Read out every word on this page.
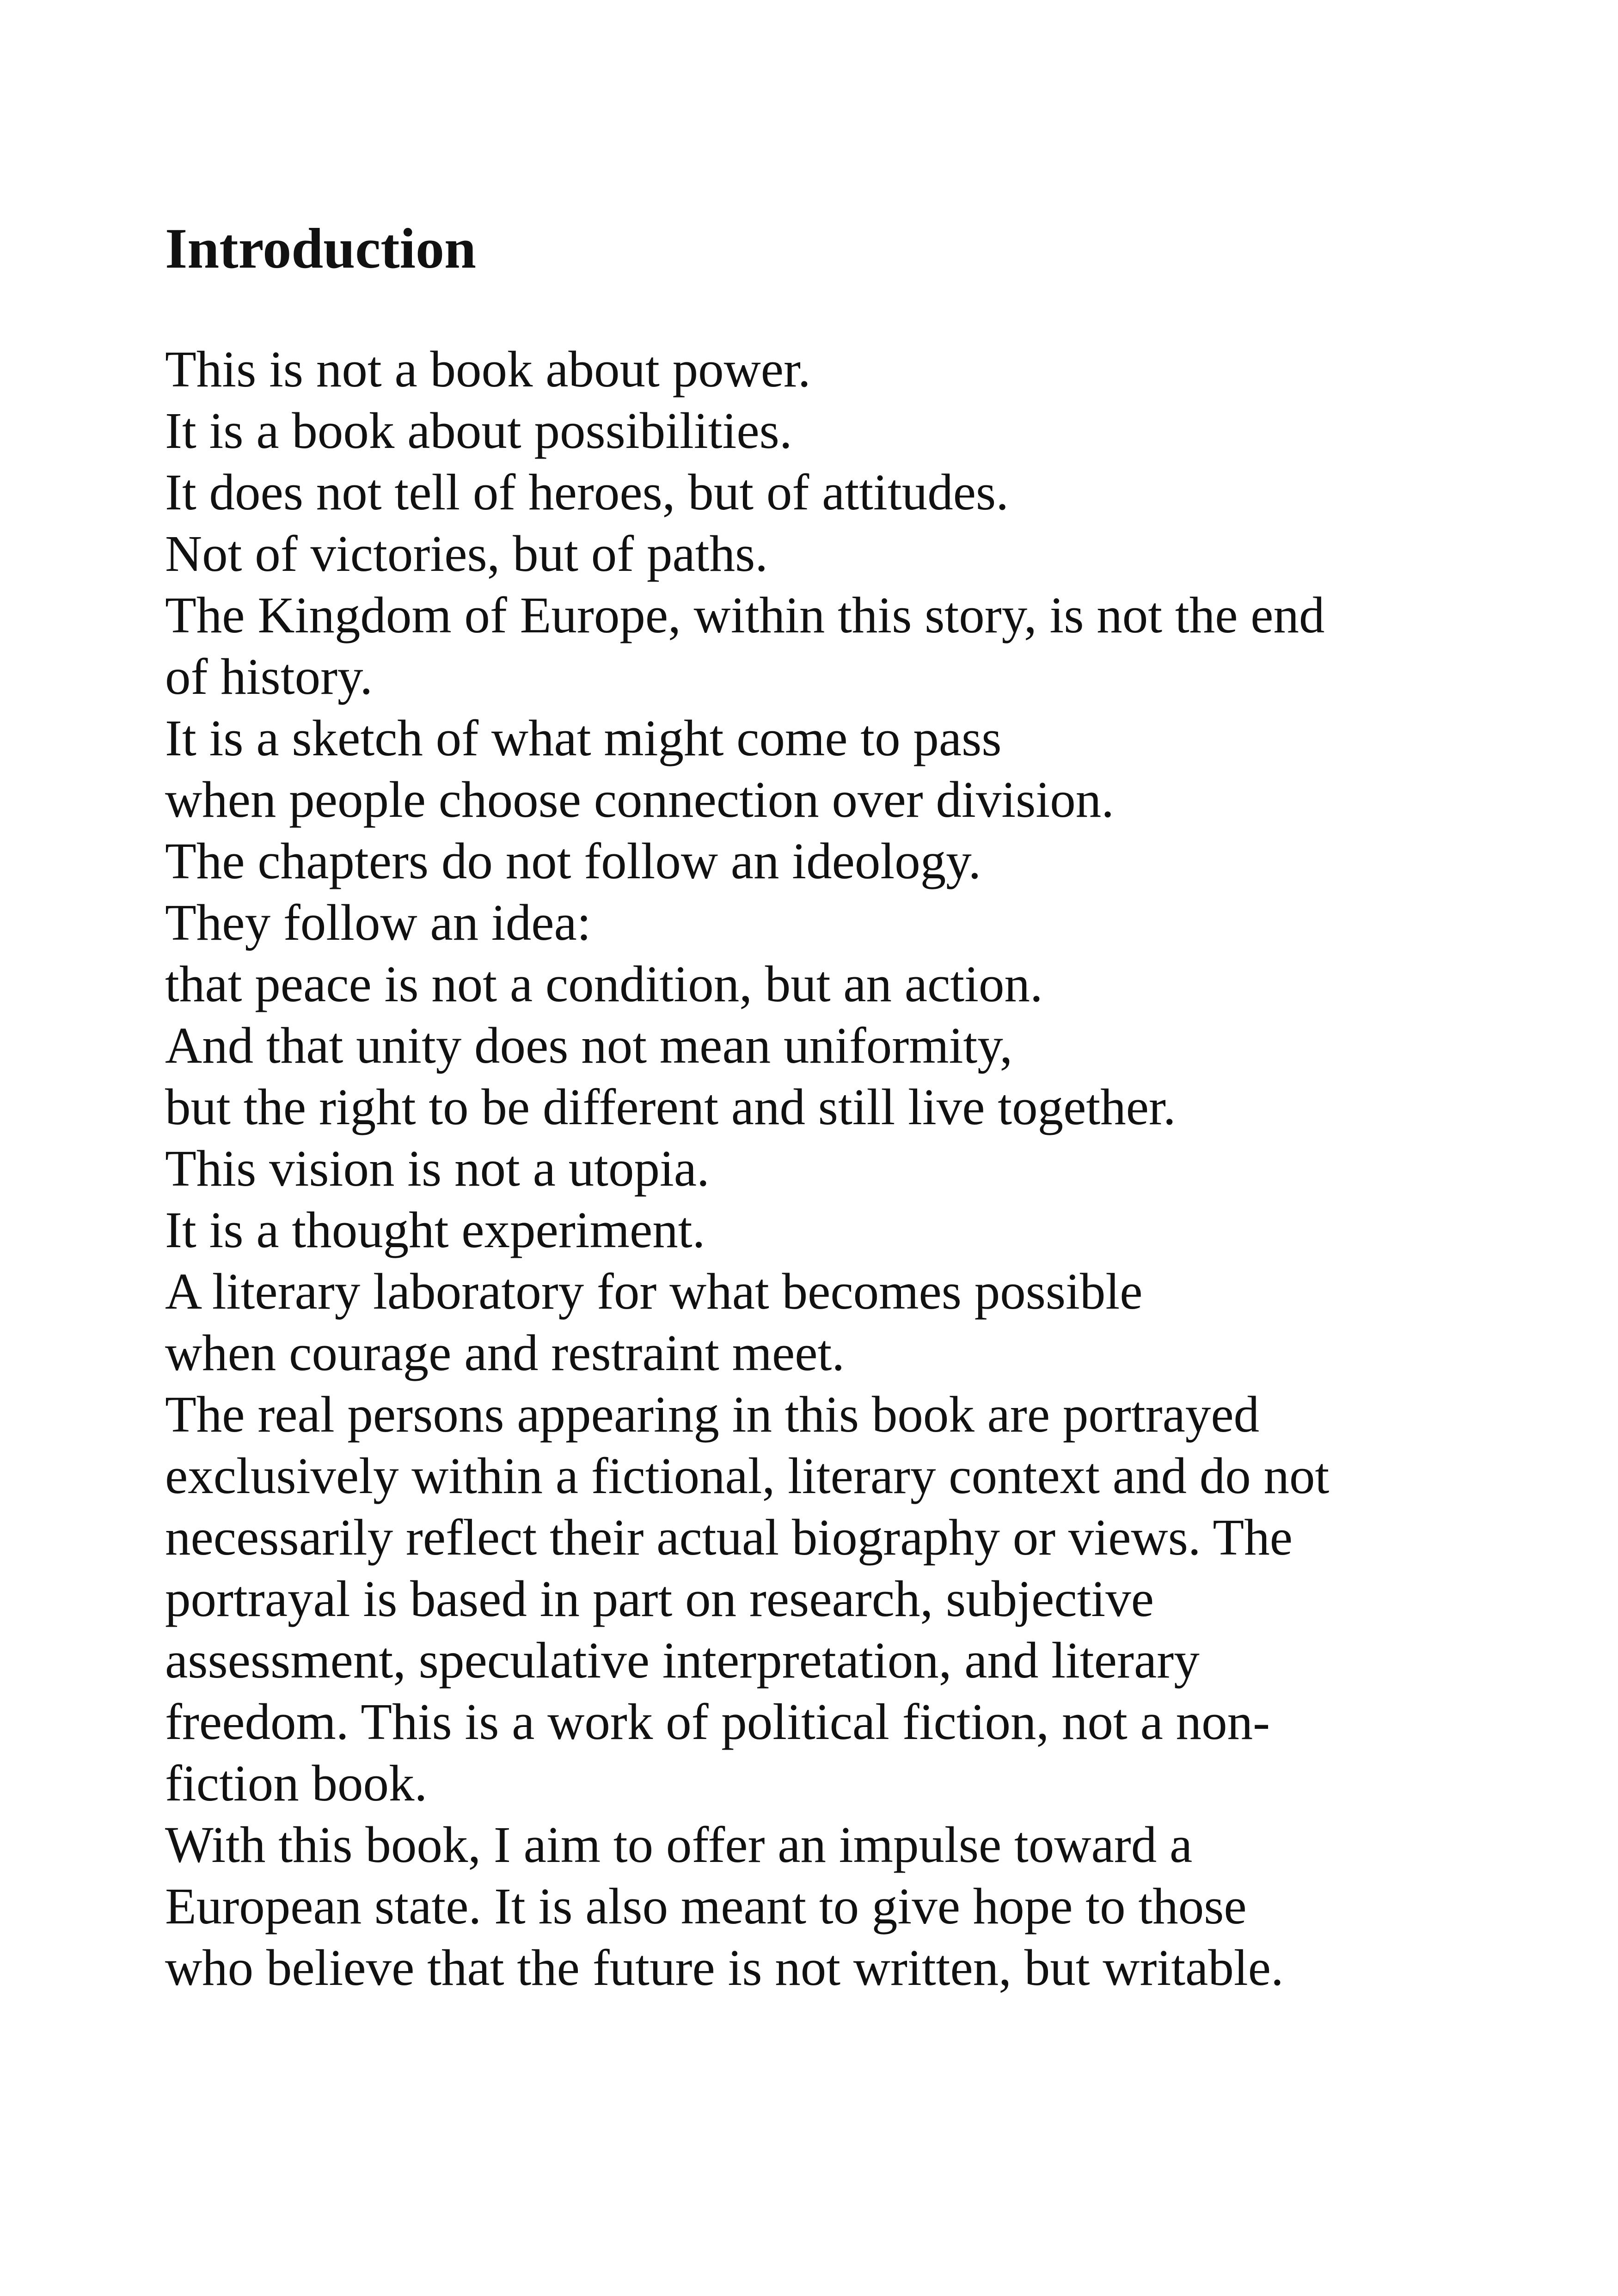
Introduction
This is not a book about power.
It is a book about possibilities.
It does not tell of heroes, but of attitudes.
Not of victories, but of paths.
The Kingdom of Europe, within this story, is not the end
of history.
It is a sketch of what might come to pass
when people choose connection over division.
The chapters do not follow an ideology.
They follow an idea:
that peace is not a condition, but an action.
And that unity does not mean uniformity,
but the right to be different and still live together.
This vision is not a utopia.
It is a thought experiment.
A literary laboratory for what becomes possible
when courage and restraint meet.
The real persons appearing in this book are portrayed
exclusively within a fictional, literary context and do not
necessarily reflect their actual biography or views. The
portrayal is based in part on research, subjective
assessment, speculative interpretation, and literary
freedom. This is a work of political fiction, not a non-
fiction book.
With this book, I aim to offer an impulse toward a
European state. It is also meant to give hope to those
who believe that the future is not written, but writable.
